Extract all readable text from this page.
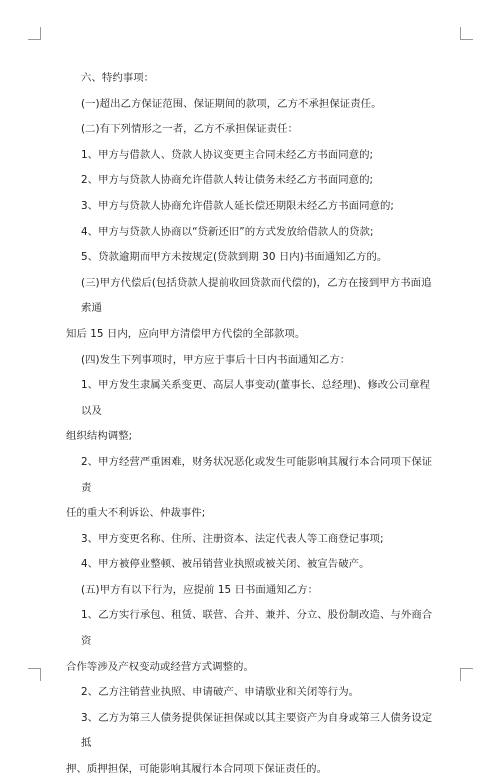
六、特约事项：

(一)超出乙方保证范围、保证期间的款项，乙方不承担保证责任。

(二)有下列情形之一者，乙方不承担保证责任：

1、甲方与借款人、贷款人协议变更主合同未经乙方书面同意的;

2、甲方与贷款人协商允许借款人转让债务未经乙方书面同意的;

3、甲方与贷款人协商允许借款人延长偿还期限未经乙方书面同意的;

4、甲方与贷款人协商以“贷新还旧”的方式发放给借款人的贷款;

5、贷款逾期而甲方未按规定(贷款到期 30 日内)书面通知乙方的。

(三)甲方代偿后(包括贷款人提前收回贷款而代偿的)，乙方在接到甲方书面追索通

知后 15 日内，应向甲方清偿甲方代偿的全部款项。

(四)发生下列事项时，甲方应于事后十日内书面通知乙方：

1、甲方发生隶属关系变更、高层人事变动(董事长、总经理)、修改公司章程以及

组织结构调整;

2、甲方经营严重困难，财务状况恶化或发生可能影响其履行本合同项下保证责

任的重大不利诉讼、仲裁事件;

3、甲方变更名称、住所、注册资本、法定代表人等工商登记事项;

4、甲方被停业整顿、被吊销营业执照或被关闭、被宣告破产。

(五)甲方有以下行为，应提前 15 日书面通知乙方：

1、乙方实行承包、租赁、联营、合并、兼并、分立、股份制改造、与外商合资

合作等涉及产权变动或经营方式调整的。

2、乙方注销营业执照、申请破产、申请歇业和关闭等行为。

3、乙方为第三人债务提供保证担保或以其主要资产为自身或第三人债务设定抵

押、质押担保，可能影响其履行本合同项下保证责任的。
